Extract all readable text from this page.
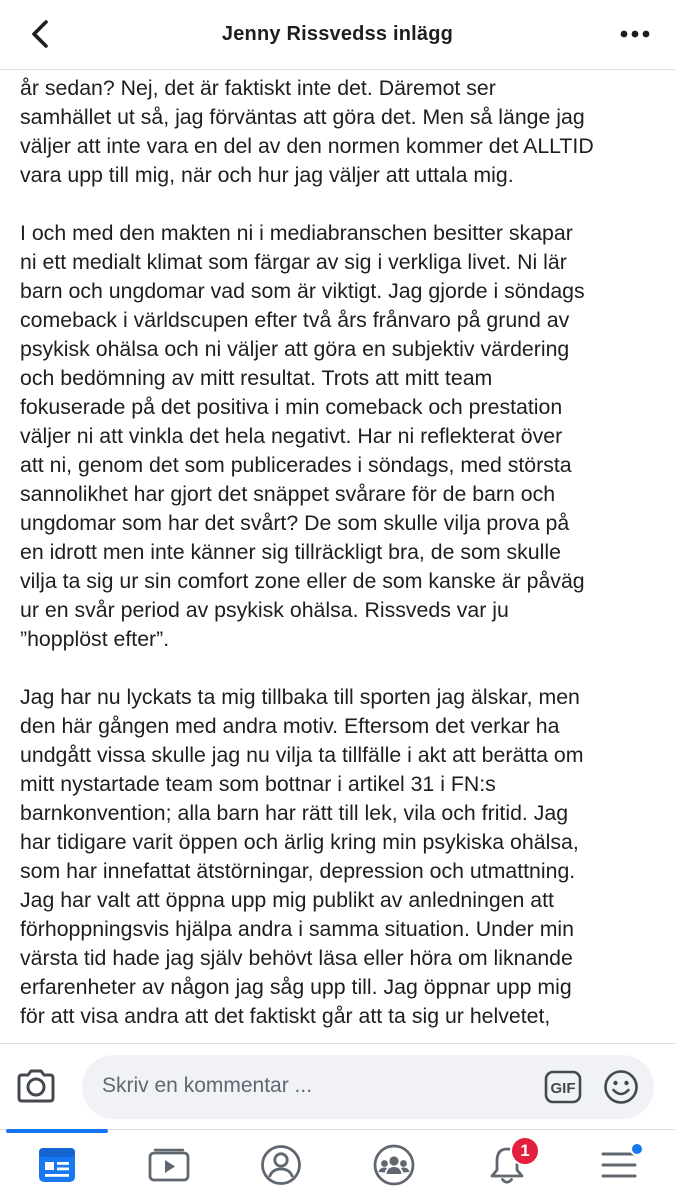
Jenny Rissvedss inlägg

år sedan? Nej, det är faktiskt inte det. Däremot ser
samhället ut så, jag förväntas att göra det. Men så länge jag
väljer att inte vara en del av den normen kommer det ALLTID
vara upp till mig, när och hur jag väljer att uttala mig.

I och med den makten ni i mediabranschen besitter skapar
ni ett medialt klimat som färgar av sig i verkliga livet. Ni lär
barn och ungdomar vad som är viktigt. Jag gjorde i söndags
comeback i världscupen efter två års frånvaro på grund av
psykisk ohälsa och ni väljer att göra en subjektiv värdering
och bedömning av mitt resultat. Trots att mitt team
fokuserade på det positiva i min comeback och prestation
väljer ni att vinkla det hela negativt. Har ni reflekterat över
att ni, genom det som publicerades i söndags, med största
sannolikhet har gjort det snäppet svårare för de barn och
ungdomar som har det svårt? De som skulle vilja prova på
en idrott men inte känner sig tillräckligt bra, de som skulle
vilja ta sig ur sin comfort zone eller de som kanske är påväg
ur en svår period av psykisk ohälsa. Rissveds var ju
”hopplöst efter”.

Jag har nu lyckats ta mig tillbaka till sporten jag älskar, men
den här gången med andra motiv. Eftersom det verkar ha
undgått vissa skulle jag nu vilja ta tillfälle i akt att berätta om
mitt nystartade team som bottnar i artikel 31 i FN:s
barnkonvention; alla barn har rätt till lek, vila och fritid. Jag
har tidigare varit öppen och ärlig kring min psykiska ohälsa,
som har innefattat ätstörningar, depression och utmattning.
Jag har valt att öppna upp mig publikt av anledningen att
förhoppningsvis hjälpa andra i samma situation. Under min
värsta tid hade jag själv behövt läsa eller höra om liknande
erfarenheter av någon jag såg upp till. Jag öppnar upp mig
för att visa andra att det faktiskt går att ta sig ur helvetet,

Skriv en kommentar ...	GIF
1
